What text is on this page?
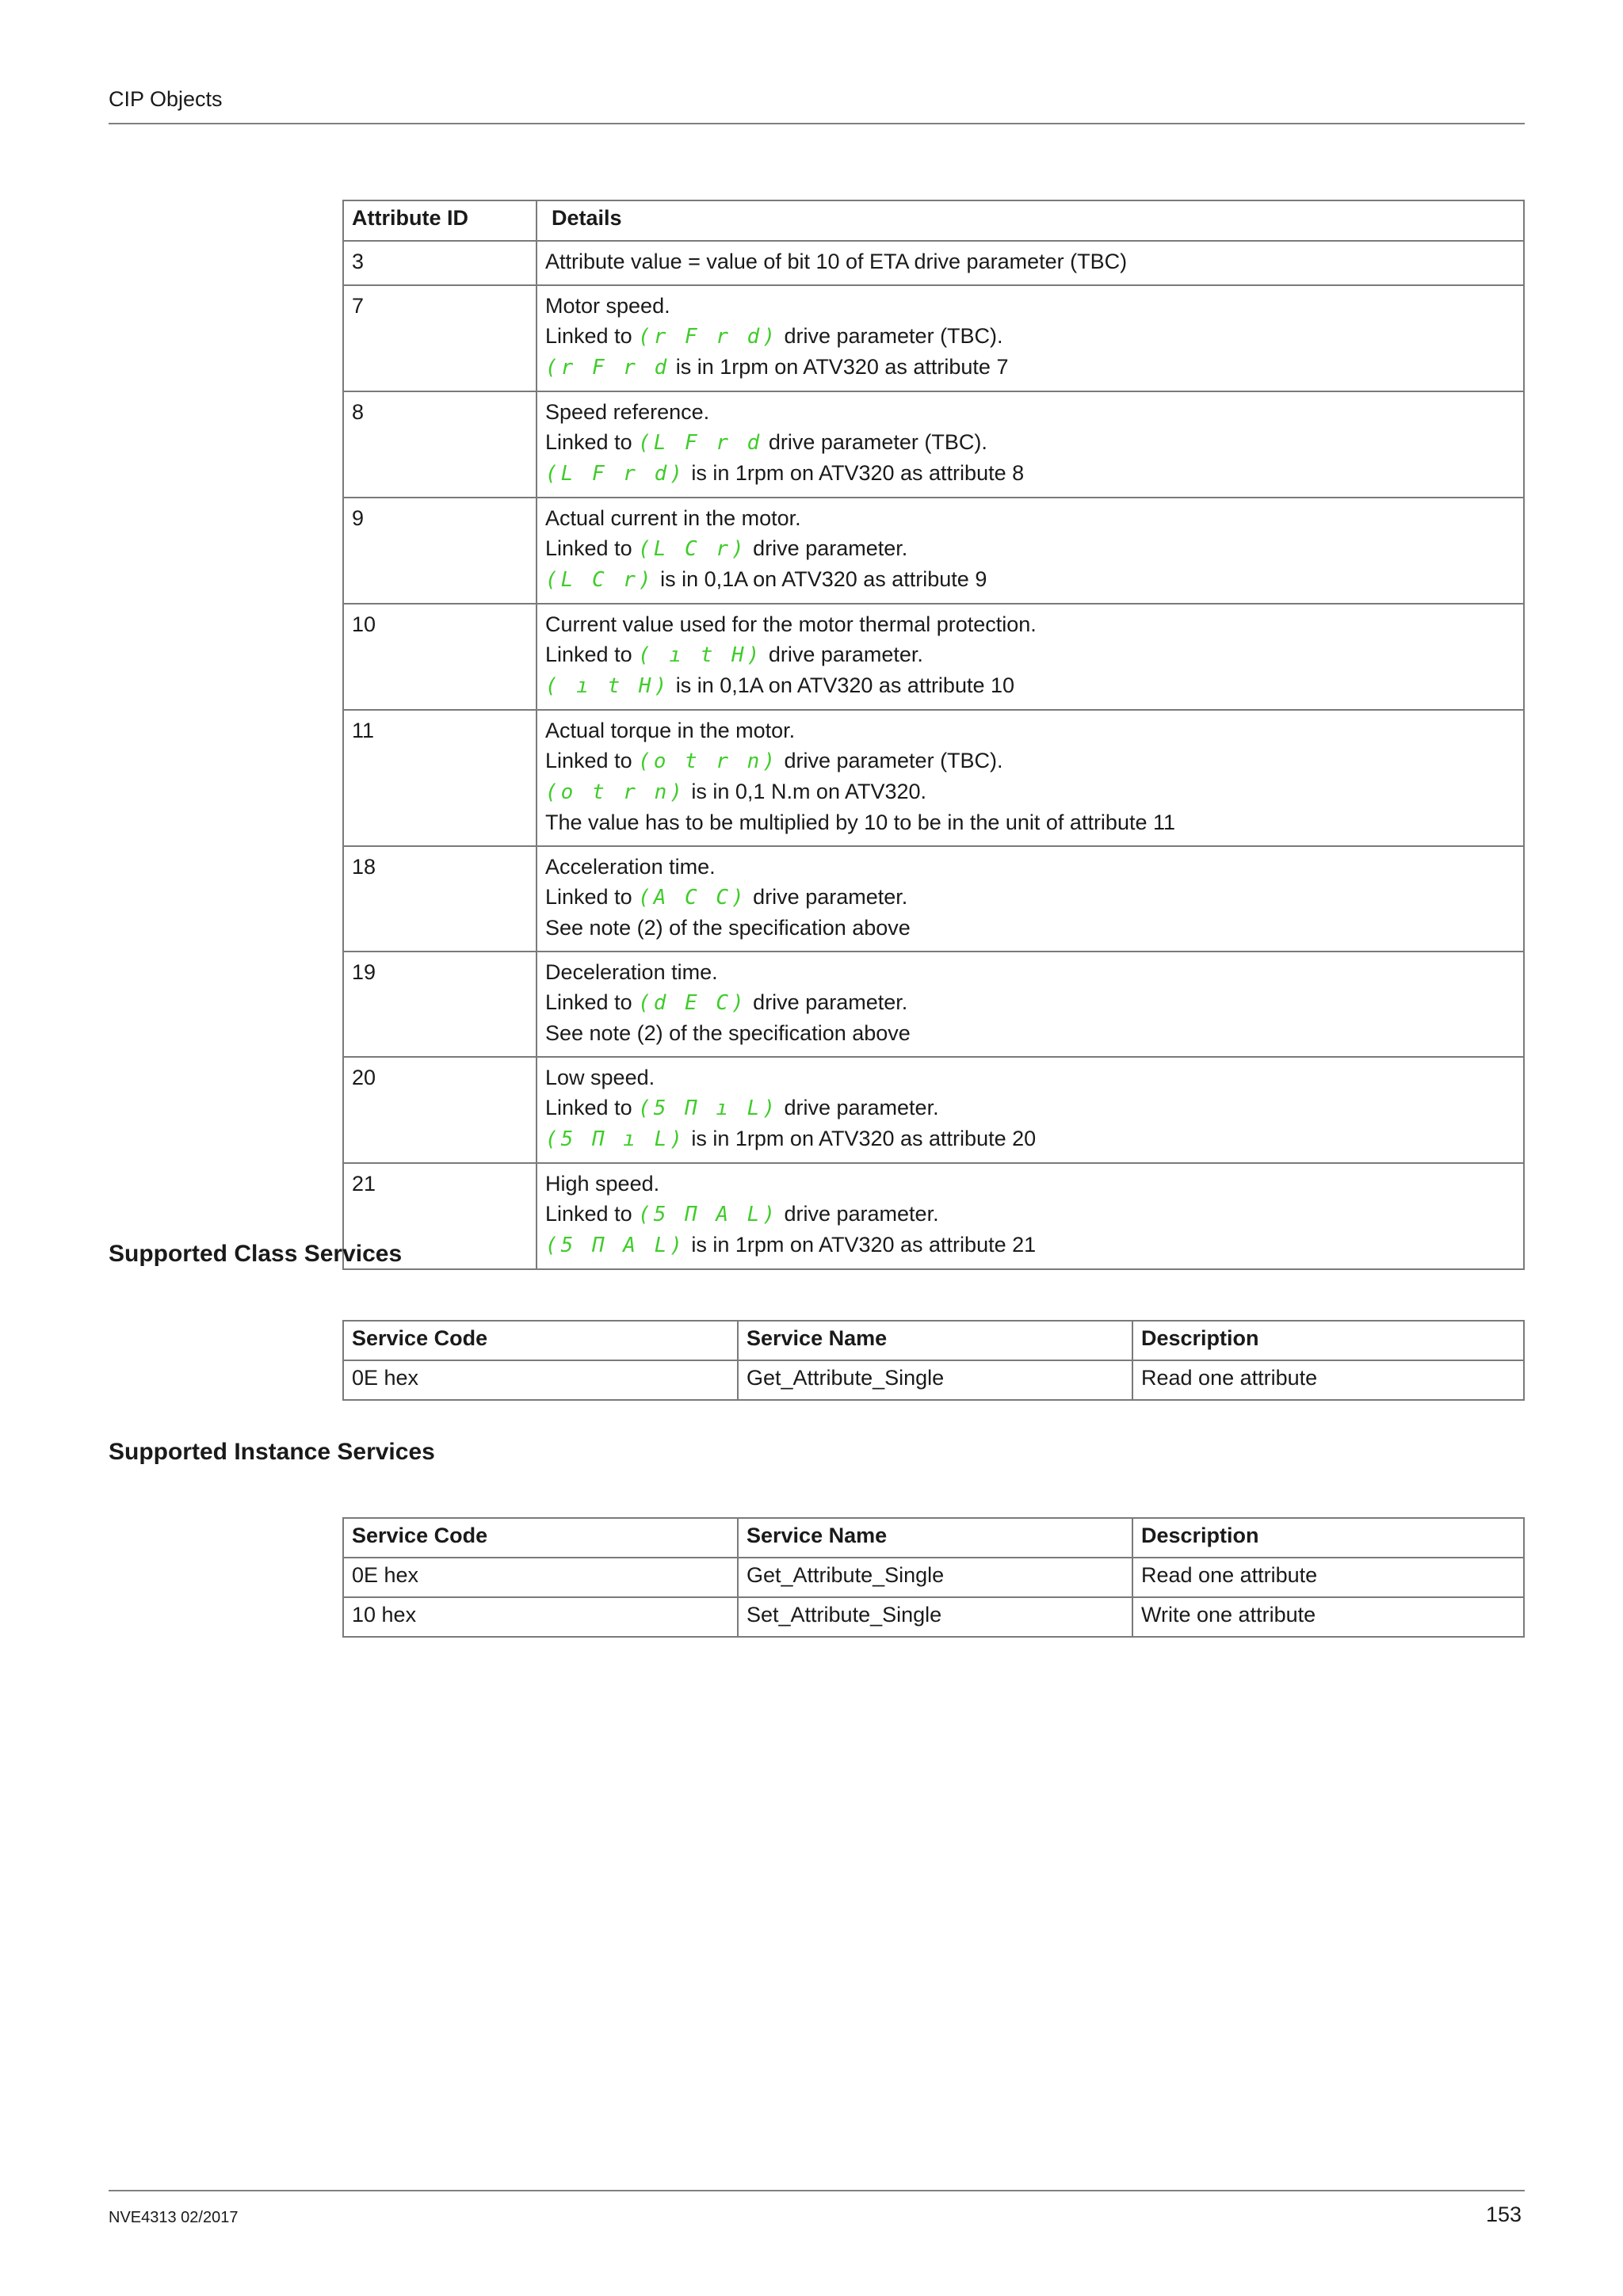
CIP Objects
Attribute ID	Details
3	Attribute value = value of bit 10 of ETA drive parameter (TBC)

7	Motor speed.
Linked to (r F r d) drive parameter (TBC).
(r F r d is in 1rpm on ATV320 as attribute 7

8	Speed reference.
Linked to (L F r d drive parameter (TBC).
(L F r d) is in 1rpm on ATV320 as attribute 8

9	Actual current in the motor.
Linked to (L C r) drive parameter.
(L C r) is in 0,1A on ATV320 as attribute 9

10	Current value used for the motor thermal protection.
Linked to ( ı t H) drive parameter.
( ı t H) is in 0,1A on ATV320 as attribute 10

11	Actual torque in the motor.
Linked to (o t r n) drive parameter (TBC).
(o t r n) is in 0,1 N.m on ATV320.
The value has to be multiplied by 10 to be in the unit of attribute 11

18	Acceleration time.
Linked to (A C C) drive parameter.
See note (2) of the specification above

19	Deceleration time.
Linked to (d E C) drive parameter.
See note (2) of the specification above

20	Low speed.
Linked to (5 Π ı L) drive parameter.
(5 Π ı L) is in 1rpm on ATV320 as attribute 20

21	High speed.
Linked to (5 Π A L) drive parameter.
(5 Π A L) is in 1rpm on ATV320 as attribute 21
Supported Class Services
Service Code	Service Name	Description
0E hex	Get_Attribute_Single	Read one attribute
Supported Instance Services
Service Code	Service Name	Description
0E hex	Get_Attribute_Single	Read one attribute
10 hex	Set_Attribute_Single	Write one attribute
NVE4313 02/2017	153
